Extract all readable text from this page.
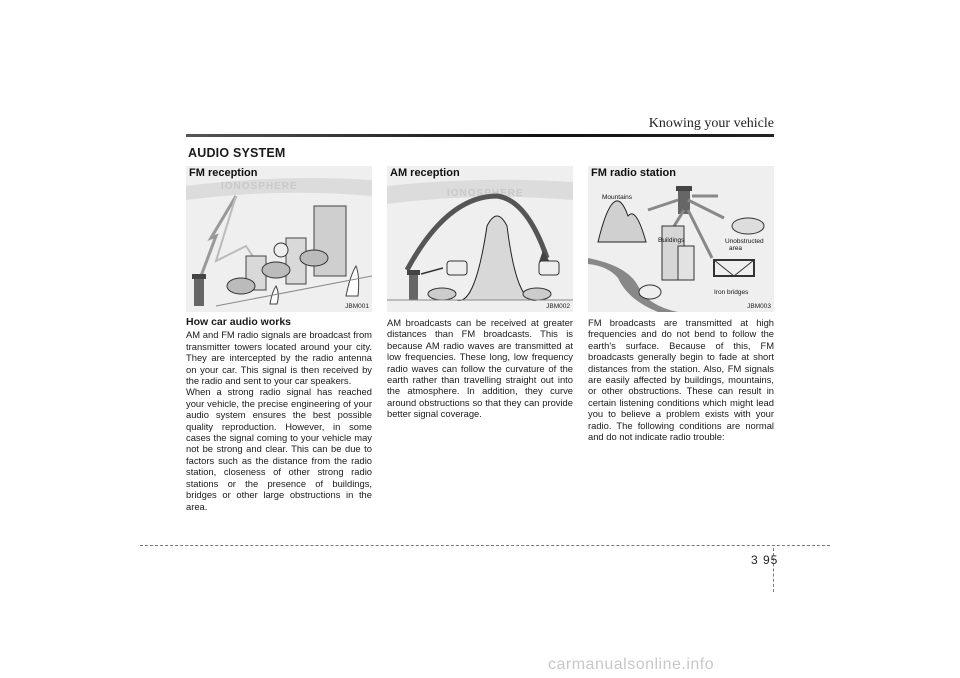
Knowing your vehicle
AUDIO SYSTEM
IONOSPHERE
FM reception
JBM001
IONOSPHERE
AM reception
JBM002
Mountains
Buildings	Unobstructed
area
Iron bridges
FM radio station
JBM003
How car audio works

AM and FM radio signals are broadcast from transmitter towers located around your city. They are intercepted by the radio antenna on your car. This signal is then received by the radio and sent to your car speakers.

When a strong radio signal has reached your vehicle, the precise engineering of your audio system ensures the best possible quality reproduction. However, in some cases the signal coming to your vehicle may not be strong and clear. This can be due to factors such as the distance from the radio station, closeness of other strong radio stations or the presence of buildings, bridges or other large obstructions in the area.

AM broadcasts can be received at greater distances than FM broadcasts. This is because AM radio waves are transmitted at low frequencies. These long, low frequency radio waves can follow the curvature of the earth rather than travelling straight out into the atmosphere. In addition, they curve around obstructions so that they can provide better signal coverage.

FM broadcasts are transmitted at high frequencies and do not bend to follow the earth's surface. Because of this, FM broadcasts generally begin to fade at short distances from the station. Also, FM signals are easily affected by buildings, mountains, or other obstructions. These can result in certain listening conditions which might lead you to believe a problem exists with your radio. The following conditions are normal and do not indicate radio trouble:

3 95
carmanualsonline.info
